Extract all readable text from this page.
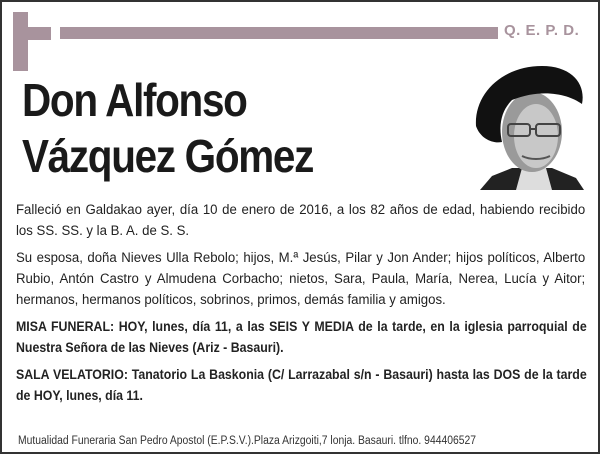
Q. E. P. D.
Don Alfonso
Vázquez Gómez

Falleció en Galdakao ayer, día 10 de enero de 2016, a los 82 años de edad, habiendo recibido los SS. SS. y la B. A. de S. S.

Su esposa, doña Nieves Ulla Rebolo; hijos, M.ª Jesús, Pilar y Jon Ander; hijos políticos, Alberto Rubio, Antón Castro y Almudena Corbacho; nietos, Sara, Paula, María, Nerea, Lucía y Aitor; hermanos, hermanos políticos, sobrinos, primos, demás familia y amigos.

MISA FUNERAL: HOY, lunes, día 11, a las SEIS Y MEDIA de la tarde, en la iglesia parroquial de Nuestra Señora de las Nieves (Ariz - Basauri).

SALA VELATORIO: Tanatorio La Baskonia (C/ Larrazabal s/n - Basauri) hasta las DOS de la tarde de HOY, lunes, día 11.

Mutualidad Funeraria San Pedro Apostol (E.P.S.V.).Plaza Arizgoiti,7 lonja. Basauri. tlfno. 944406527
